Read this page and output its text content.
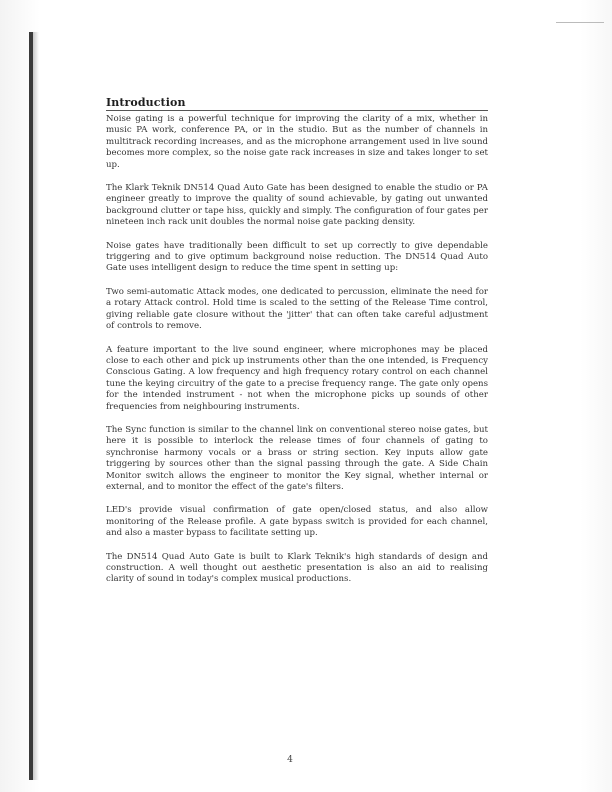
Introduction

Noise gating is a powerful technique for improving the clarity of a mix, whether in music PA work, conference PA, or in the studio. But as the number of channels in multitrack recording increases, and as the microphone arrangement used in live sound becomes more complex, so the noise gate rack increases in size and takes longer to set up.

The Klark Teknik DN514 Quad Auto Gate has been designed to enable the studio or PA engineer greatly to improve the quality of sound achievable, by gating out unwanted background clutter or tape hiss, quickly and simply. The configuration of four gates per nineteen inch rack unit doubles the normal noise gate packing density.

Noise gates have traditionally been difficult to set up correctly to give dependable triggering and to give optimum background noise reduction. The DN514 Quad Auto Gate uses intelligent design to reduce the time spent in setting up:

Two semi-automatic Attack modes, one dedicated to percussion, eliminate the need for a rotary Attack control. Hold time is scaled to the setting of the Release Time control, giving reliable gate closure without the 'jitter' that can often take careful adjustment of controls to remove.

A feature important to the live sound engineer, where microphones may be placed close to each other and pick up instruments other than the one intended, is Frequency Conscious Gating. A low frequency and high frequency rotary control on each channel tune the keying circuitry of the gate to a precise frequency range. The gate only opens for the intended instrument - not when the microphone picks up sounds of other frequencies from neighbouring instruments.

The Sync function is similar to the channel link on conventional stereo noise gates, but here it is possible to interlock the release times of four channels of gating to synchronise harmony vocals or a brass or string section. Key inputs allow gate triggering by sources other than the signal passing through the gate. A Side Chain Monitor switch allows the engineer to monitor the Key signal, whether internal or external, and to monitor the effect of the gate's filters.

LED's provide visual confirmation of gate open/closed status, and also allow monitoring of the Release profile. A gate bypass switch is provided for each channel, and also a master bypass to facilitate setting up.

The DN514 Quad Auto Gate is built to Klark Teknik's high standards of design and construction. A well thought out aesthetic presentation is also an aid to realising clarity of sound in today's complex musical productions.

4
